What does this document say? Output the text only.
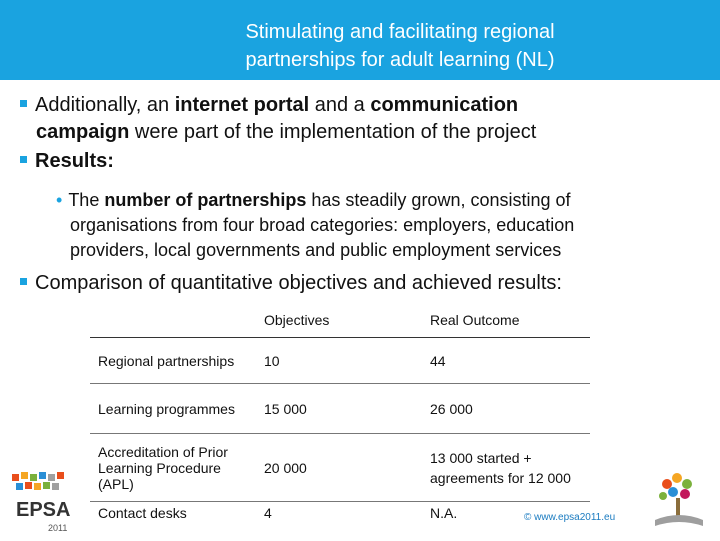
Stimulating and facilitating regional
partnerships for adult learning (NL)
Additionally, an internet portal and a communication
campaign were part of the implementation of the project
Results:
• The number of partnerships has steadily grown, consisting of
organisations from four broad categories: employers, education
providers, local governments and public employment services
Comparison of quantitative objectives and achieved results:
	Objectives	Real Outcome
Regional partnerships	10	44
Learning programmes	15 000	26 000
Accreditation of Prior Learning Procedure (APL)	20 000	13 000 started + agreements for 12 000
Contact desks	4	N.A.
EPSA
2011
© www.epsa2011.eu
